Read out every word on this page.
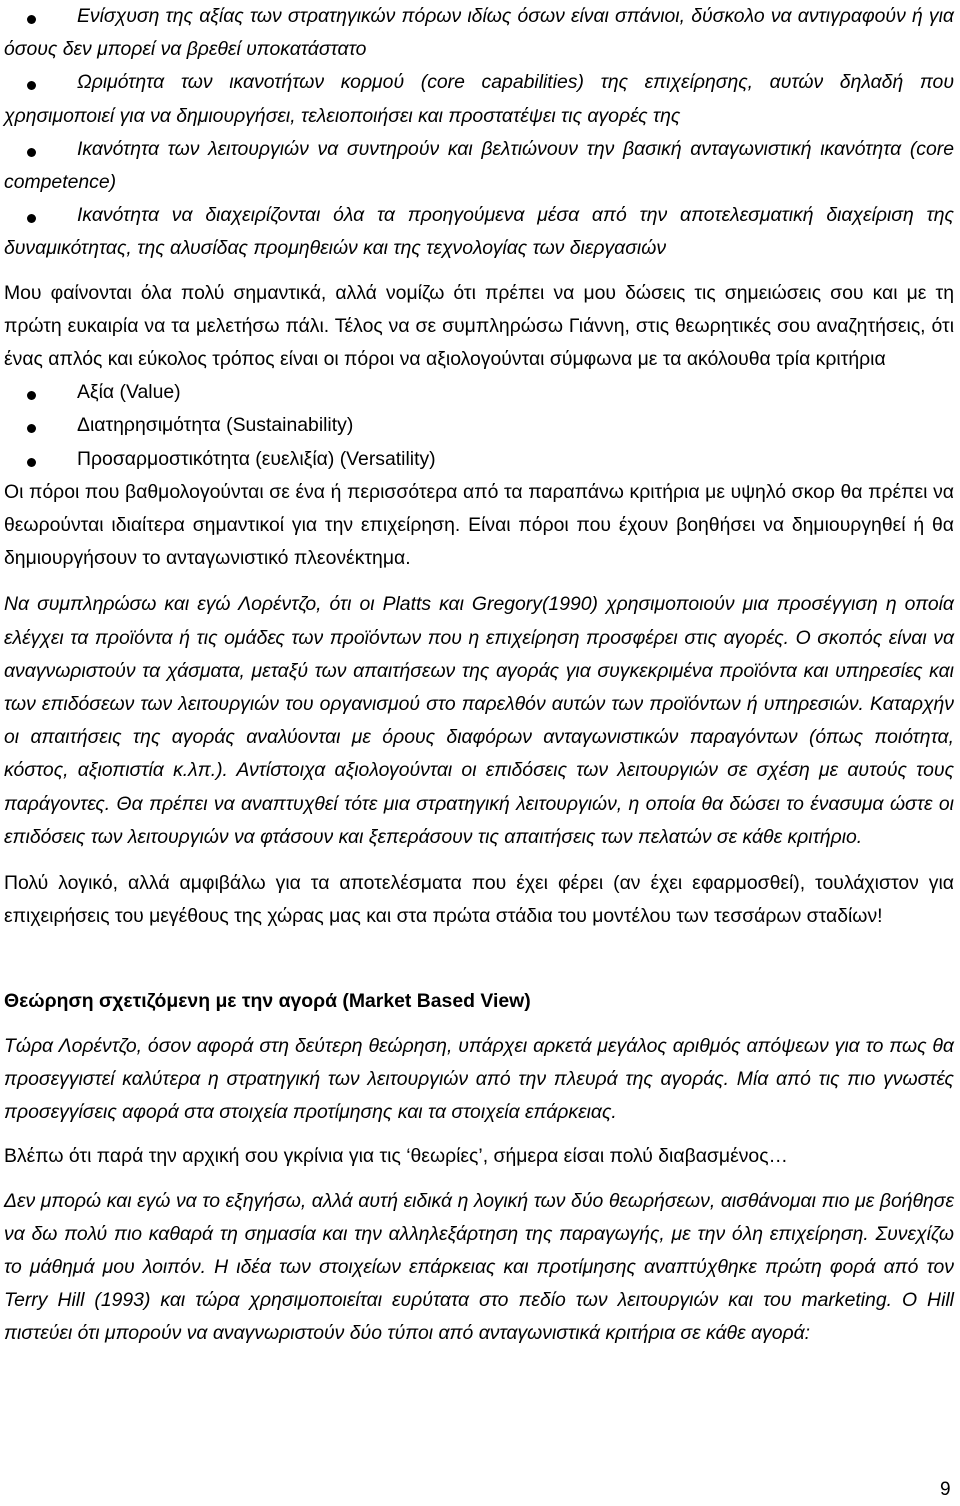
Ενίσχυση της αξίας των στρατηγικών πόρων ιδίως όσων είναι σπάνιοι, δύσκολο να αντιγραφούν ή για όσους δεν μπορεί να βρεθεί υποκατάστατο
Ωριμότητα των ικανοτήτων κορμού (core capabilities) της επιχείρησης, αυτών δηλαδή που χρησιμοποιεί για να δημιουργήσει, τελειοποιήσει και προστατέψει τις αγορές της
Ικανότητα των λειτουργιών να συντηρούν και βελτιώνουν την βασική ανταγωνιστική ικανότητα (core competence)
Ικανότητα να διαχειρίζονται όλα τα προηγούμενα μέσα από την αποτελεσματική διαχείριση της δυναμικότητας, της αλυσίδας προμηθειών και της τεχνολογίας των διεργασιών

Μου φαίνονται όλα πολύ σημαντικά, αλλά νομίζω ότι πρέπει να μου δώσεις τις σημειώσεις σου και με τη πρώτη ευκαιρία να τα μελετήσω πάλι. Τέλος να σε συμπληρώσω Γιάννη, στις θεωρητικές σου αναζητήσεις, ότι ένας απλός και εύκολος τρόπος είναι οι πόροι να αξιολογούνται σύμφωνα με τα ακόλουθα τρία κριτήρια

Αξία (Value)
Διατηρησιμότητα (Sustainability)
Προσαρμοστικότητα (ευελιξία) (Versatility)

Οι πόροι που βαθμολογούνται σε ένα ή περισσότερα από τα παραπάνω κριτήρια με υψηλό σκορ θα πρέπει να θεωρούνται ιδιαίτερα σημαντικοί για την επιχείρηση. Είναι πόροι που έχουν βοηθήσει να δημιουργηθεί ή θα δημιουργήσουν το ανταγωνιστικό πλεονέκτημα.

Να συμπληρώσω και εγώ Λορέντζο, ότι οι Platts και Gregory(1990) χρησιμοποιούν μια προσέγγιση η οποία ελέγχει τα προϊόντα ή τις ομάδες των προϊόντων που η επιχείρηση προσφέρει στις αγορές. Ο σκοπός είναι να αναγνωριστούν τα χάσματα, μεταξύ των απαιτήσεων της αγοράς για συγκεκριμένα προϊόντα και υπηρεσίες και των επιδόσεων των λειτουργιών του οργανισμού στο παρελθόν αυτών των προϊόντων ή υπηρεσιών. Καταρχήν οι απαιτήσεις της αγοράς αναλύονται με όρους διαφόρων ανταγωνιστικών παραγόντων (όπως ποιότητα, κόστος, αξιοπιστία κ.λπ.). Αντίστοιχα αξιολογούνται οι επιδόσεις των λειτουργιών σε σχέση με αυτούς τους παράγοντες. Θα πρέπει να αναπτυχθεί τότε μια στρατηγική λειτουργιών, η οποία θα δώσει το ένασυμα ώστε οι επιδόσεις των λειτουργιών να φτάσουν και ξεπεράσουν τις απαιτήσεις των πελατών σε κάθε κριτήριο.

Πολύ λογικό, αλλά αμφιβάλω για τα αποτελέσματα που έχει φέρει (αν έχει εφαρμοσθεί), τουλάχιστον για επιχειρήσεις του μεγέθους της χώρας μας και στα πρώτα στάδια του μοντέλου των τεσσάρων σταδίων!

Θεώρηση σχετιζόμενη με την αγορά (Market Based View)

Τώρα Λορέντζο, όσον αφορά στη δεύτερη θεώρηση, υπάρχει αρκετά μεγάλος αριθμός απόψεων για το πως θα προσεγγιστεί καλύτερα η στρατηγική των λειτουργιών από την πλευρά της αγοράς. Μία από τις πιο γνωστές προσεγγίσεις αφορά στα στοιχεία προτίμησης και τα στοιχεία επάρκειας.

Βλέπω ότι παρά την αρχική σου γκρίνια για τις ‘θεωρίες’, σήμερα είσαι πολύ διαβασμένος…

Δεν μπορώ και εγώ να το εξηγήσω, αλλά αυτή ειδικά η λογική των δύο θεωρήσεων, αισθάνομαι πιο με βοήθησε να δω πολύ πιο καθαρά τη σημασία και την αλληλεξάρτηση της παραγωγής, με την όλη επιχείρηση. Συνεχίζω το μάθημά μου λοιπόν. Η ιδέα των στοιχείων επάρκειας και προτίμησης αναπτύχθηκε πρώτη φορά από τον Terry Hill (1993) και τώρα χρησιμοποιείται ευρύτατα στο πεδίο των λειτουργιών και του marketing. Ο Hill πιστεύει ότι μπορούν να αναγνωριστούν δύο τύποι από ανταγωνιστικά κριτήρια σε κάθε αγορά:

9
